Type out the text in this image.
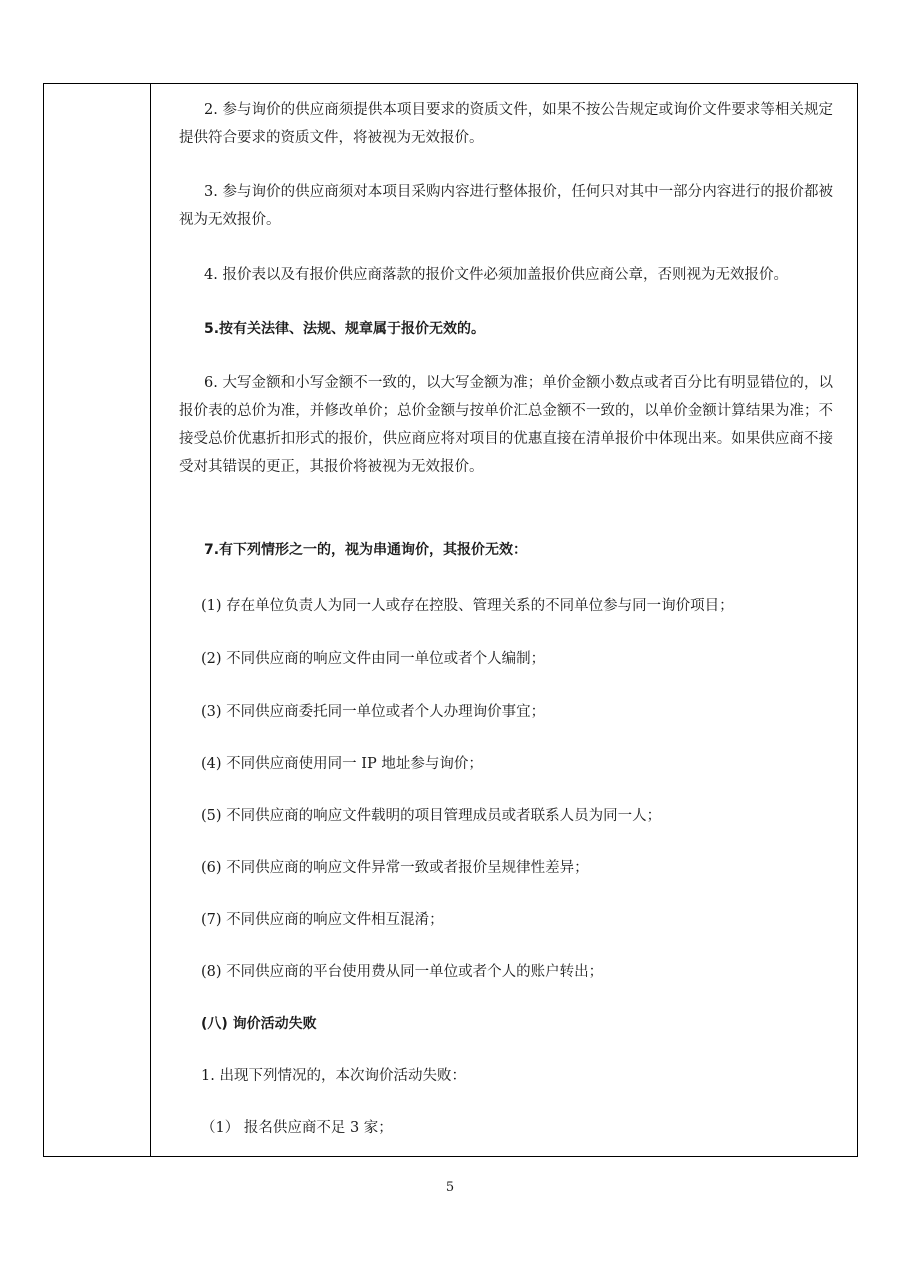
2. 参与询价的供应商须提供本项目要求的资质文件，如果不按公告规定或询价文件要求等相关规定提供符合要求的资质文件，将被视为无效报价。

3. 参与询价的供应商须对本项目采购内容进行整体报价，任何只对其中一部分内容进行的报价都被视为无效报价。

4. 报价表以及有报价供应商落款的报价文件必须加盖报价供应商公章，否则视为无效报价。

5.按有关法律、法规、规章属于报价无效的。

6. 大写金额和小写金额不一致的，以大写金额为准；单价金额小数点或者百分比有明显错位的，以报价表的总价为准，并修改单价；总价金额与按单价汇总金额不一致的，以单价金额计算结果为准；不接受总价优惠折扣形式的报价，供应商应将对项目的优惠直接在清单报价中体现出来。如果供应商不接受对其错误的更正，其报价将被视为无效报价。

7.有下列情形之一的，视为串通询价，其报价无效：

(1) 存在单位负责人为同一人或存在控股、管理关系的不同单位参与同一询价项目；

(2) 不同供应商的响应文件由同一单位或者个人编制；

(3) 不同供应商委托同一单位或者个人办理询价事宜；

(4) 不同供应商使用同一 IP 地址参与询价；

(5) 不同供应商的响应文件载明的项目管理成员或者联系人员为同一人；

(6) 不同供应商的响应文件异常一致或者报价呈规律性差异；

(7) 不同供应商的响应文件相互混淆；

(8) 不同供应商的平台使用费从同一单位或者个人的账户转出；

(八) 询价活动失败

1. 出现下列情况的，本次询价活动失败：

（1） 报名供应商不足 3 家；

5
